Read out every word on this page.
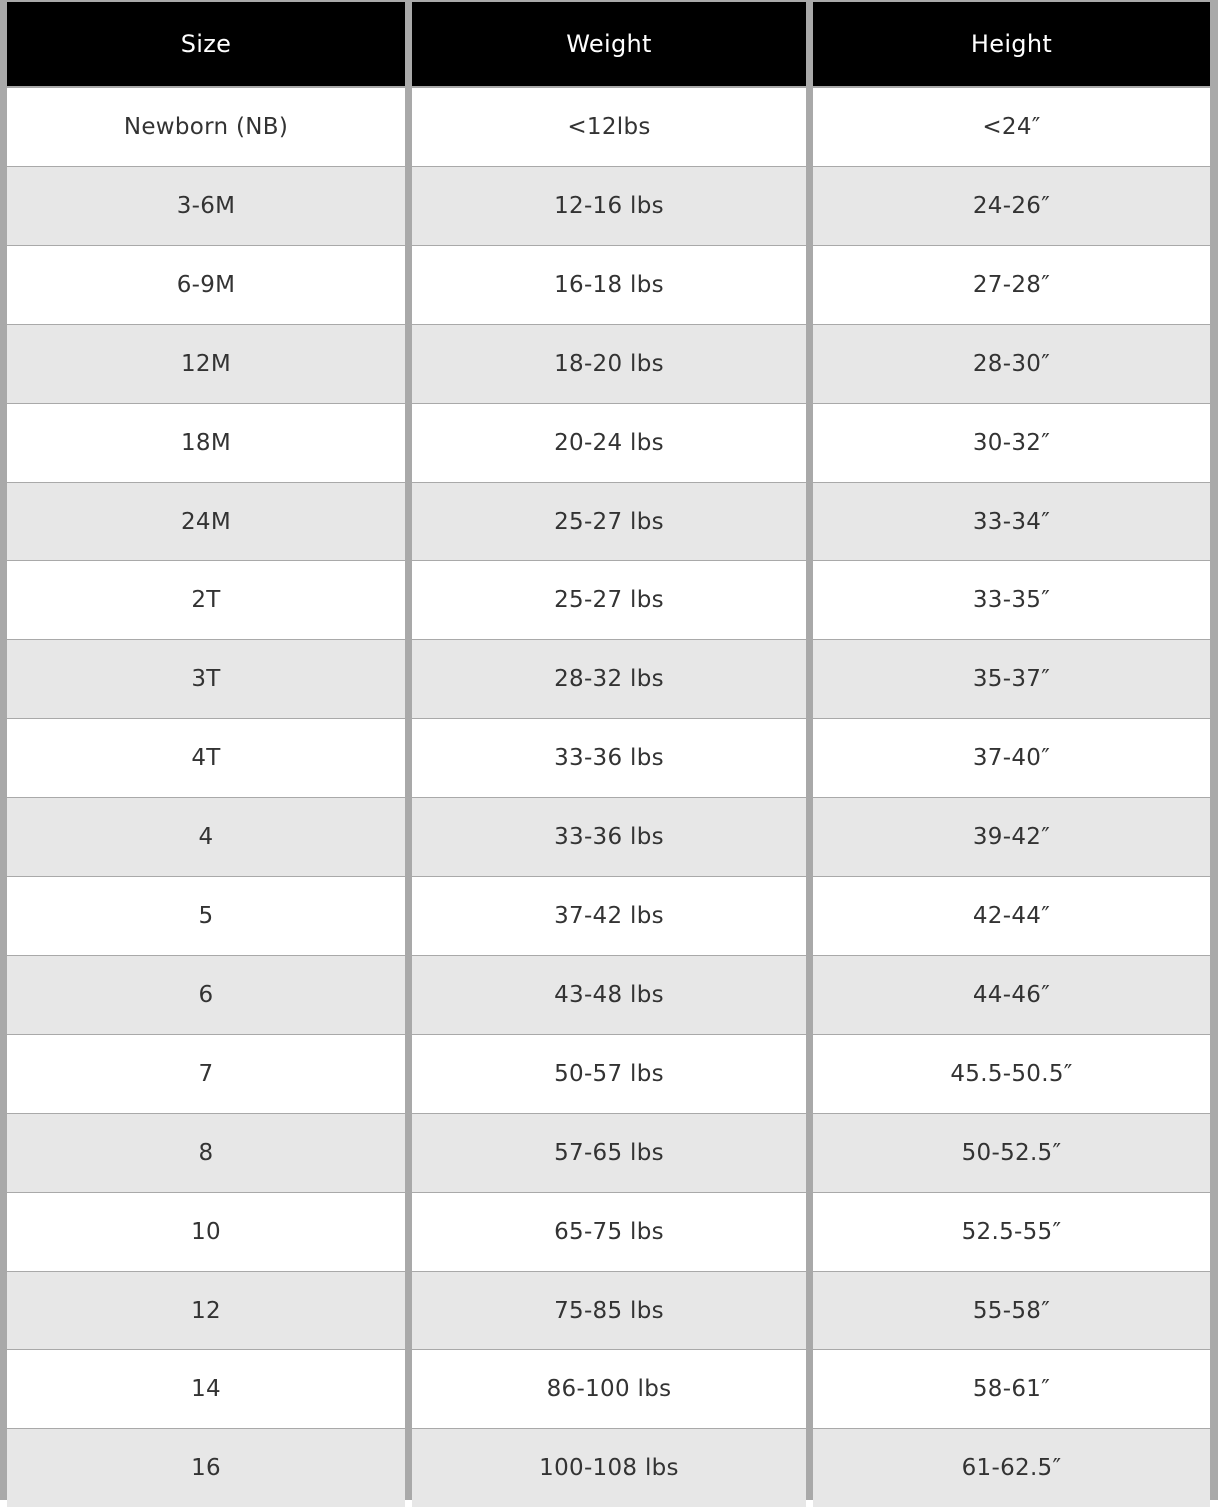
Size
Newborn (NB)
3-6M
6-9M
12M
18M
24M
2T
3T
4T
4
5
6
7
8
10
12
14
16
Weight
<12lbs
12-16 lbs
16-18 lbs
18-20 lbs
20-24 lbs
25-27 lbs
25-27 lbs
28-32 lbs
33-36 lbs
33-36 lbs
37-42 lbs
43-48 lbs
50-57 lbs
57-65 lbs
65-75 lbs
75-85 lbs
86-100 lbs
100-108 lbs
Height
<24″
24-26″
27-28″
28-30″
30-32″
33-34″
33-35″
35-37″
37-40″
39-42″
42-44″
44-46″
45.5-50.5″
50-52.5″
52.5-55″
55-58″
58-61″
61-62.5″
